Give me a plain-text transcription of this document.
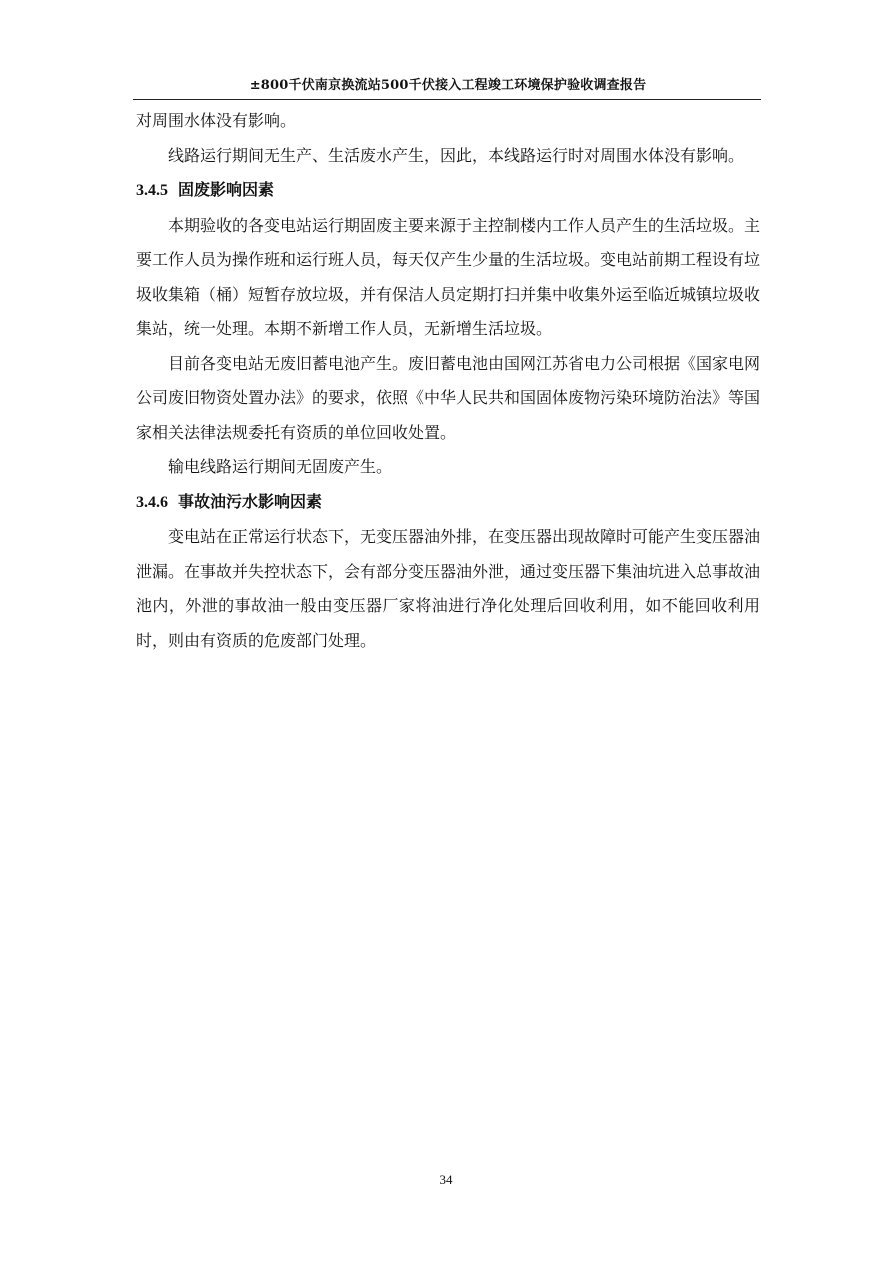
±800千伏南京换流站500千伏接入工程竣工环境保护验收调查报告

对周围水体没有影响。

线路运行期间无生产、生活废水产生，因此，本线路运行时对周围水体没有影响。

3.4.5 固废影响因素

本期验收的各变电站运行期固废主要来源于主控制楼内工作人员产生的生活垃圾。主要工作人员为操作班和运行班人员，每天仅产生少量的生活垃圾。变电站前期工程设有垃圾收集箱（桶）短暂存放垃圾，并有保洁人员定期打扫并集中收集外运至临近城镇垃圾收集站，统一处理。本期不新增工作人员，无新增生活垃圾。

目前各变电站无废旧蓄电池产生。废旧蓄电池由国网江苏省电力公司根据《国家电网公司废旧物资处置办法》的要求，依照《中华人民共和国固体废物污染环境防治法》等国家相关法律法规委托有资质的单位回收处置。

输电线路运行期间无固废产生。

3.4.6 事故油污水影响因素

变电站在正常运行状态下，无变压器油外排，在变压器出现故障时可能产生变压器油泄漏。在事故并失控状态下，会有部分变压器油外泄，通过变压器下集油坑进入总事故油池内，外泄的事故油一般由变压器厂家将油进行净化处理后回收利用，如不能回收利用时，则由有资质的危废部门处理。

34
